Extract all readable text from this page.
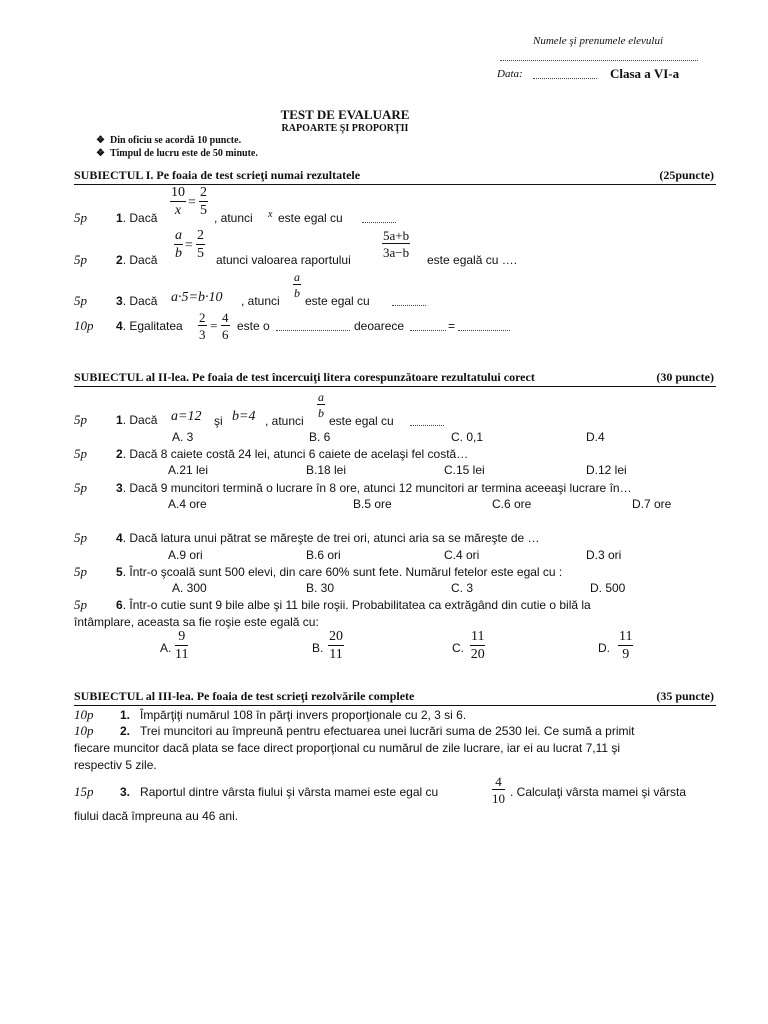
Numele şi prenumele elevului
Data:	Clasa a VI-a
TEST DE EVALUARE
RAPOARTE ŞI PROPORŢII
❖ Din oficiu se acordă 10 puncte.
❖ Timpul de lucru este de 50 minute.
SUBIECTUL I. Pe foaia de test scrieţi numai rezultatele	(25puncte)
5p 1. Dacă $\frac{10}{x} = \frac{2}{5}$ , atunci x este egal cu
5p 2. Dacă $\frac{a}{b} = \frac{2}{5}$ atunci valoarea raportului
$\frac{5a+b}{3a-b}$
este egală cu ….
5p 3. Dacă a·5=b·10 , atunci
$\frac{a}{b}$
este egal cu
10p 4. Egalitatea $\frac{2}{3} = \frac{4}{6}$ este o	deoarece	=
SUBIECTUL al II-lea. Pe foaia de test încercuiţi litera corespunzătoare rezultatului corect	(30 puncte)
5p 1. Dacă a=12 şi b=4 , atunci
$\frac{a}{b}$
este egal cu
A. 3	B. 6	C. 0,1	D.4
5p 2. Dacă 8 caiete costă 24 lei, atunci 6 caiete de acelaşi fel costă…
A.21 lei	B.18 lei	C.15 lei	D.12 lei
5p 3. Dacă 9 muncitori termină o lucrare în 8 ore, atunci 12 muncitori ar termina aceeaşi lucrare în…
A.4 ore	B.5 ore	C.6 ore	D.7 ore
5p 4. Dacă latura unui pătrat se măreşte de trei ori, atunci aria sa se măreşte de …
A.9 ori	B.6 ori	C.4 ori	D.3 ori
5p 5. Într-o şcoală sunt 500 elevi, din care 60% sunt fete. Numărul fetelor este egal cu :
A. 300	B. 30	C. 3	D. 500
5p 6. Într-o cutie sunt 9 bile albe şi 11 bile roşii. Probabilitatea ca extrăgând din cutie o bilă la
întâmplare, aceasta sa fie roşie este egală cu:
A. $\frac{9}{11}$	B. $\frac{20}{11}$	C. $\frac{11}{20}$	D. $\frac{11}{9}$
SUBIECTUL al III-lea. Pe foaia de test scrieţi rezolvările complete	(35 puncte)
10p 1. Împărţiţi numărul 108 în părţi invers proporţionale cu 2, 3 si 6.
10p 2. Trei muncitori au împreună pentru efectuarea unei lucrări suma de 2530 lei. Ce sumă a primit
fiecare muncitor dacă plata se face direct proporţional cu numărul de zile lucrare, iar ei au lucrat 7,11 şi
respectiv 5 zile.
15p 3. Raportul dintre vârsta fiului şi vârsta mamei este egal cu	$\frac{4}{10}$ . Calculaţi vârsta mamei şi vârsta
fiului dacă împreuna au 46 ani.
